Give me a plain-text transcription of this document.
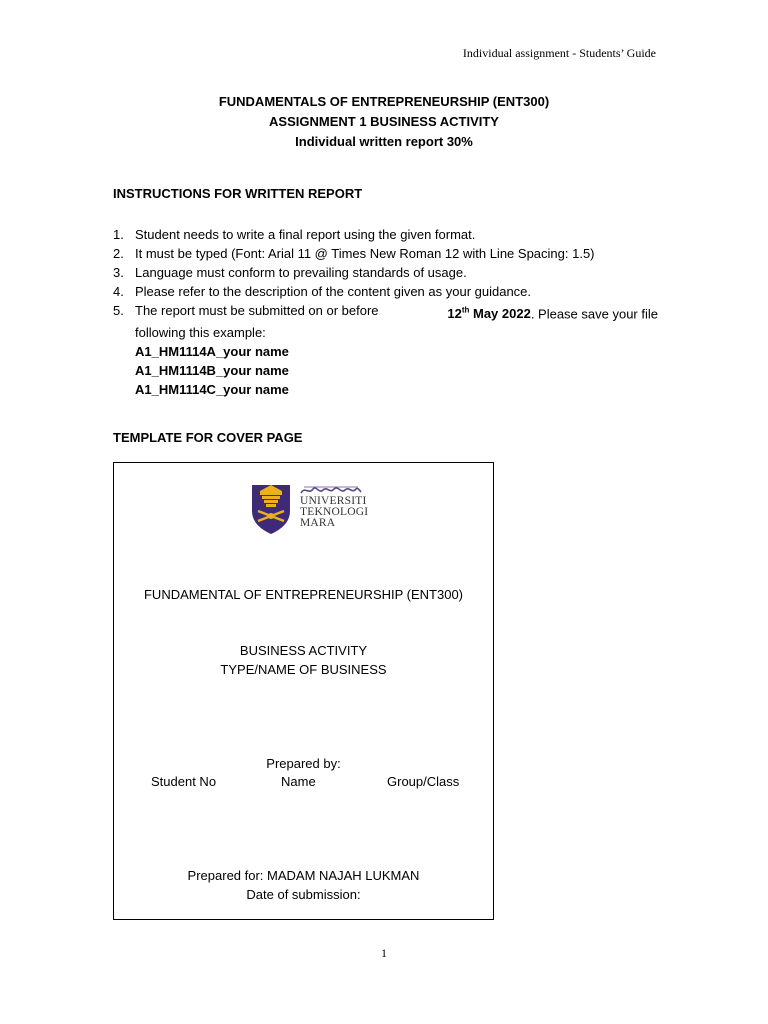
Individual assignment - Students’ Guide
FUNDAMENTALS OF ENTREPRENEURSHIP (ENT300)
ASSIGNMENT 1 BUSINESS ACTIVITY
Individual written report 30%
INSTRUCTIONS FOR WRITTEN REPORT
1. Student needs to write a final report using the given format.
2. It must be typed (Font: Arial 11 @ Times New Roman 12 with Line Spacing: 1.5)
3. Language must conform to prevailing standards of usage.
4. Please refer to the description of the content given as your guidance.
5. The report must be submitted on or before	12th May 2022. Please save your file
following this example:
A1_HM1114A_your name
A1_HM1114B_your name
A1_HM1114C_your name
TEMPLATE FOR COVER PAGE
UNIVERSITI
TEKNOLOGI
MARA
FUNDAMENTAL OF ENTREPRENEURSHIP (ENT300)
BUSINESS ACTIVITY
TYPE/NAME OF BUSINESS
Prepared by:
Student No	Name	Group/Class
Prepared for: MADAM NAJAH LUKMAN
Date of submission:
1
